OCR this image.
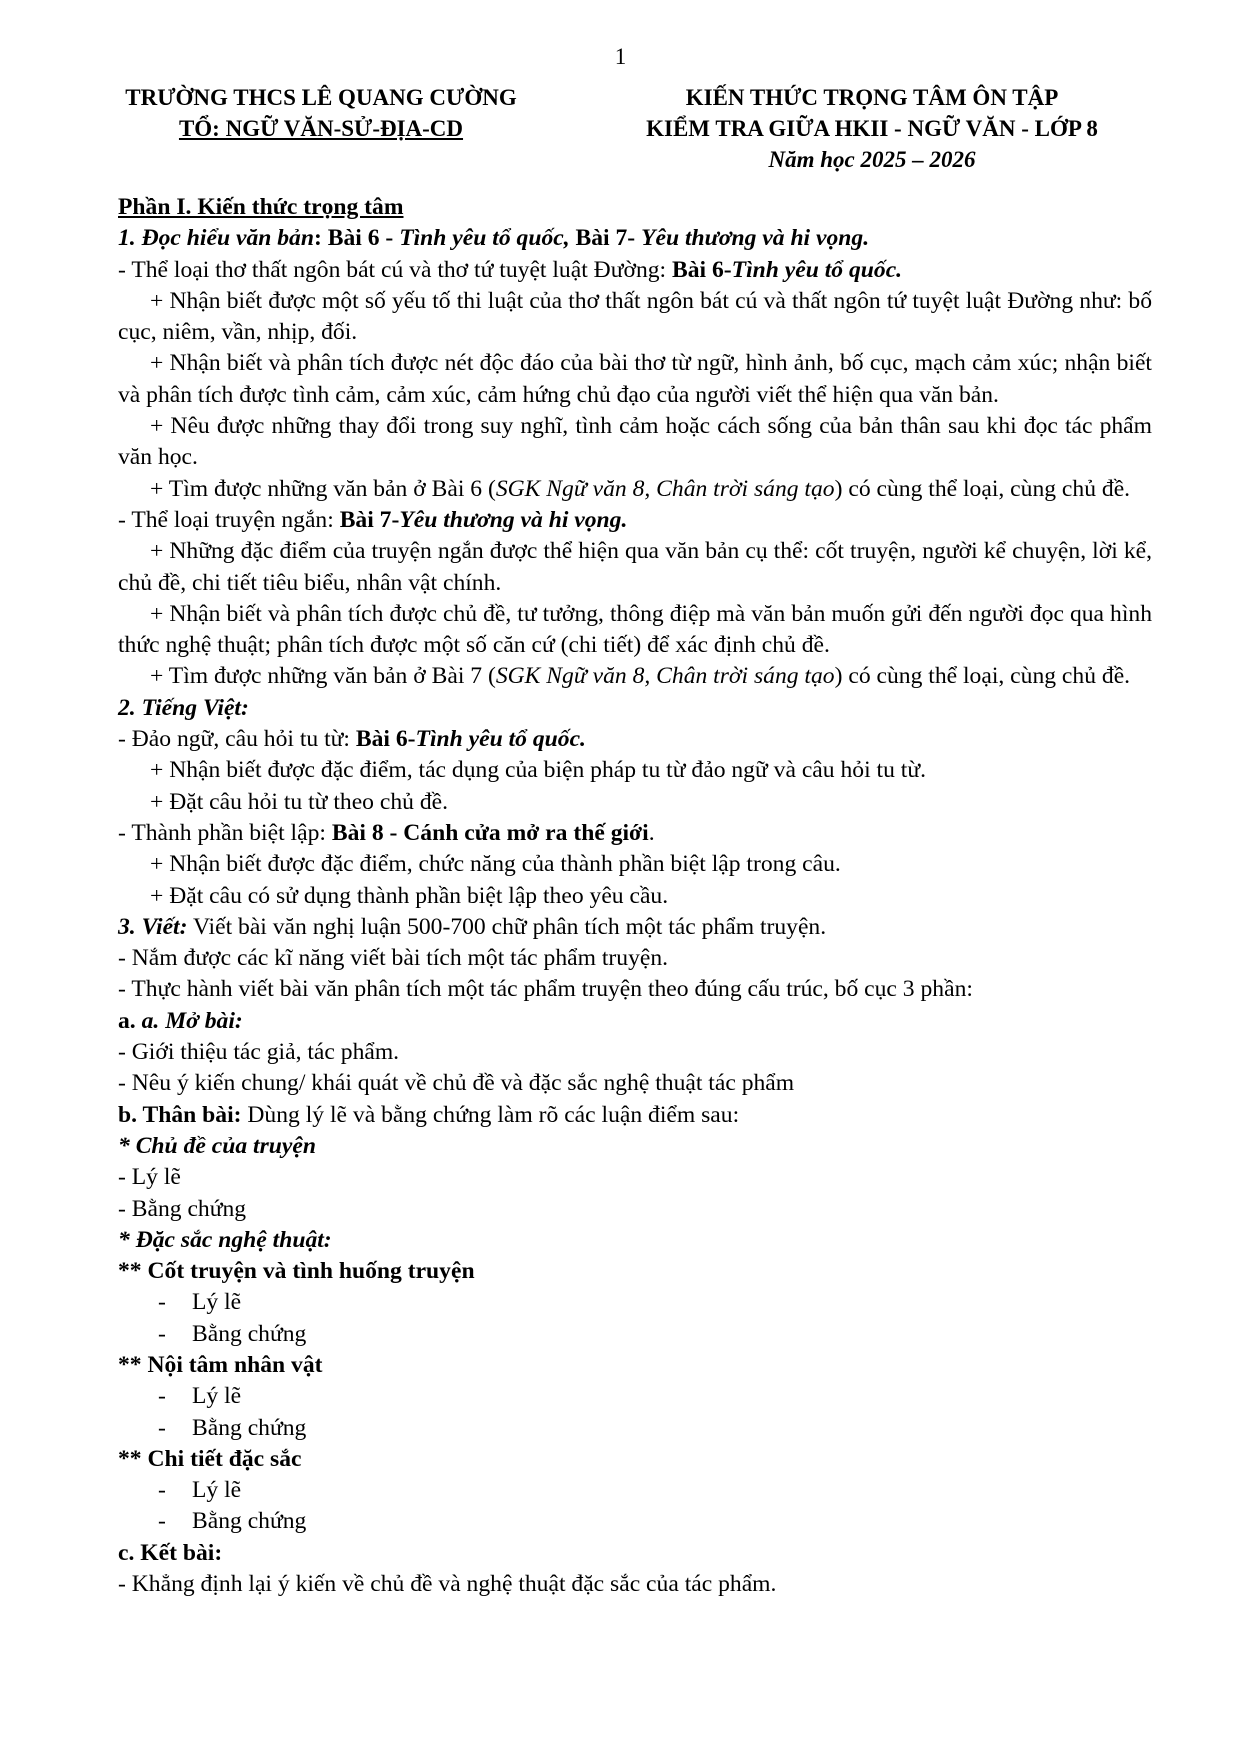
1
TRƯỜNG THCS LÊ QUANG CƯỜNG
TỔ: NGỮ VĂN-SỬ-ĐỊA-CD
KIẾN THỨC TRỌNG TÂM ÔN TẬP
KIỂM TRA GIỮA HKII - NGỮ VĂN - LỚP 8
Năm học 2025 – 2026
Phần I. Kiến thức trọng tâm
1. Đọc hiểu văn bản: Bài 6 - Tình yêu tổ quốc, Bài 7- Yêu thương và hi vọng.
- Thể loại thơ thất ngôn bát cú và thơ tứ tuyệt luật Đường: Bài 6-Tình yêu tổ quốc.
+ Nhận biết được một số yếu tố thi luật của thơ thất ngôn bát cú và thất ngôn tứ tuyệt luật Đường như: bố cục, niêm, vần, nhịp, đối.
+ Nhận biết và phân tích được nét độc đáo của bài thơ từ ngữ, hình ảnh, bố cục, mạch cảm xúc; nhận biết và phân tích được tình cảm, cảm xúc, cảm hứng chủ đạo của người viết thể hiện qua văn bản.
+ Nêu được những thay đổi trong suy nghĩ, tình cảm hoặc cách sống của bản thân sau khi đọc tác phẩm văn học.
+ Tìm được những văn bản ở Bài 6 (SGK Ngữ văn 8, Chân trời sáng tạo) có cùng thể loại, cùng chủ đề.
- Thể loại truyện ngắn: Bài 7-Yêu thương và hi vọng.
+ Những đặc điểm của truyện ngắn được thể hiện qua văn bản cụ thể: cốt truyện, người kể chuyện, lời kể, chủ đề, chi tiết tiêu biểu, nhân vật chính.
+ Nhận biết và phân tích được chủ đề, tư tưởng, thông điệp mà văn bản muốn gửi đến người đọc qua hình thức nghệ thuật; phân tích được một số căn cứ (chi tiết) để xác định chủ đề.
+ Tìm được những văn bản ở Bài 7 (SGK Ngữ văn 8, Chân trời sáng tạo) có cùng thể loại, cùng chủ đề.
2. Tiếng Việt:
- Đảo ngữ, câu hỏi tu từ: Bài 6-Tình yêu tổ quốc.
+ Nhận biết được đặc điểm, tác dụng của biện pháp tu từ đảo ngữ và câu hỏi tu từ.
+ Đặt câu hỏi tu từ theo chủ đề.
- Thành phần biệt lập: Bài 8 - Cánh cửa mở ra thế giới.
+ Nhận biết được đặc điểm, chức năng của thành phần biệt lập trong câu.
+ Đặt câu có sử dụng thành phần biệt lập theo yêu cầu.
3. Viết: Viết bài văn nghị luận 500-700 chữ phân tích một tác phẩm truyện.
- Nắm được các kĩ năng viết bài tích một tác phẩm truyện.
- Thực hành viết bài văn phân tích một tác phẩm truyện theo đúng cấu trúc, bố cục 3 phần:
a. a. Mở bài:
- Giới thiệu tác giả, tác phẩm.
- Nêu ý kiến chung/ khái quát về chủ đề và đặc sắc nghệ thuật tác phẩm
b. Thân bài: Dùng lý lẽ và bằng chứng làm rõ các luận điểm sau:
* Chủ đề của truyện
- Lý lẽ
- Bằng chứng
* Đặc sắc nghệ thuật:
** Cốt truyện và tình huống truyện
- Lý lẽ
- Bằng chứng
** Nội tâm nhân vật
- Lý lẽ
- Bằng chứng
** Chi tiết đặc sắc
- Lý lẽ
- Bằng chứng
c. Kết bài:
- Khẳng định lại ý kiến về chủ đề và nghệ thuật đặc sắc của tác phẩm.
